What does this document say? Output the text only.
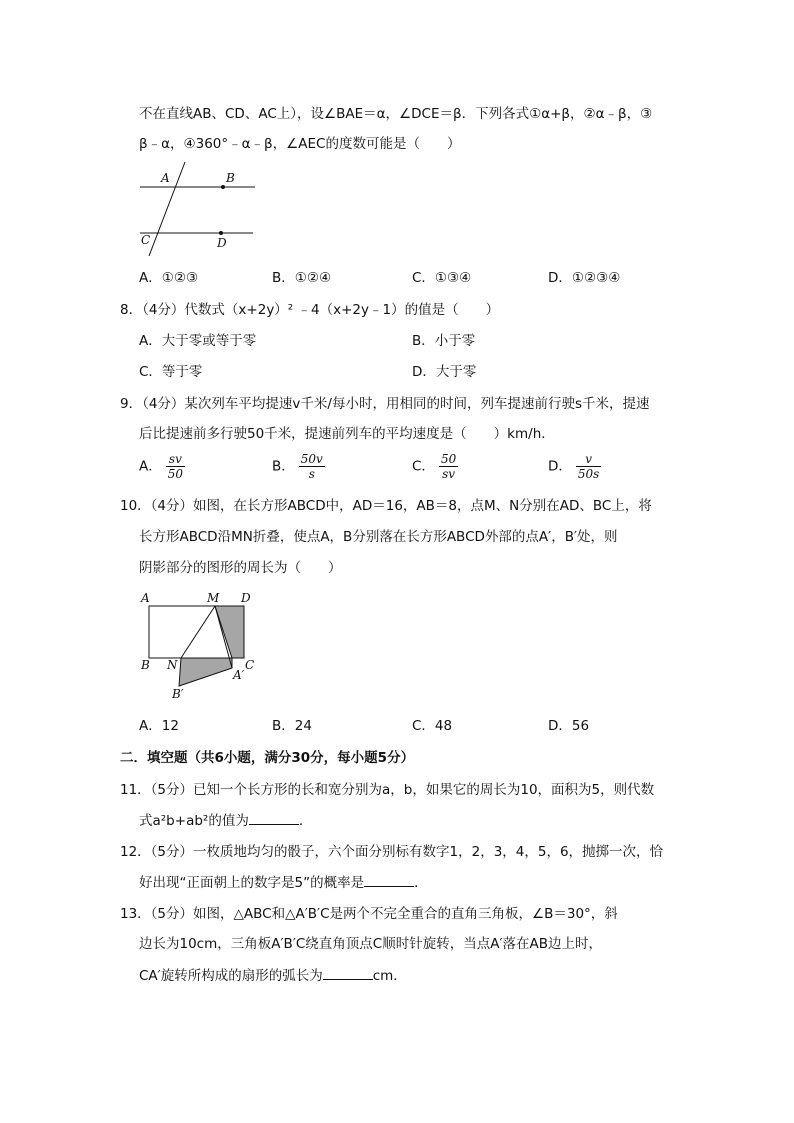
不在直线AB、CD、AC上），设∠BAE＝α，∠DCE＝β．下列各式①α+β，②α﹣β，③
β﹣α，④360°﹣α﹣β，∠AEC的度数可能是（　　）
A	B
C	D
A．①②③	B．①②④	C．①③④	D．①②③④
8．（4分）代数式（x+2y）² ﹣4（x+2y﹣1）的值是（　　）
A．大于零或等于零	B．小于零
C．等于零	D．大于零
9．（4分）某次列车平均提速v千米/每小时，用相同的时间，列车提速前行驶s千米，提速
后比提速前多行驶50千米，提速前列车的平均速度是（　　）km/h．
A． $\frac{sv}{50}$	B． $\frac{50v}{s}$	C． $\frac{50}{sv}$	D． $\frac{v}{50s}$
10．（4分）如图，在长方形ABCD中，AD＝16，AB＝8，点M、N分别在AD、BC上，将
长方形ABCD沿MN折叠，使点A，B分别落在长方形ABCD外部的点A′，B′处，则
阴影部分的图形的周长为（　　）
A	M D
B N	C
A′
B′
A．12	B．24	C．48	D．56
二．填空题（共6小题，满分30分，每小题5分）
11．（5分）已知一个长方形的长和宽分别为a，b，如果它的周长为10，面积为5，则代数
式a²b+ab²的值为	．
12．（5分）一枚质地均匀的骰子，六个面分别标有数字1，2，3，4，5，6，抛掷一次，恰
好出现“正面朝上的数字是5”的概率是	．
13．（5分）如图，△ABC和△A′B′C是两个不完全重合的直角三角板，∠B＝30°，斜
边长为10cm，三角板A′B′C绕直角顶点C顺时针旋转，当点A′落在AB边上时，
CA′旋转所构成的扇形的弧长为	cm．
